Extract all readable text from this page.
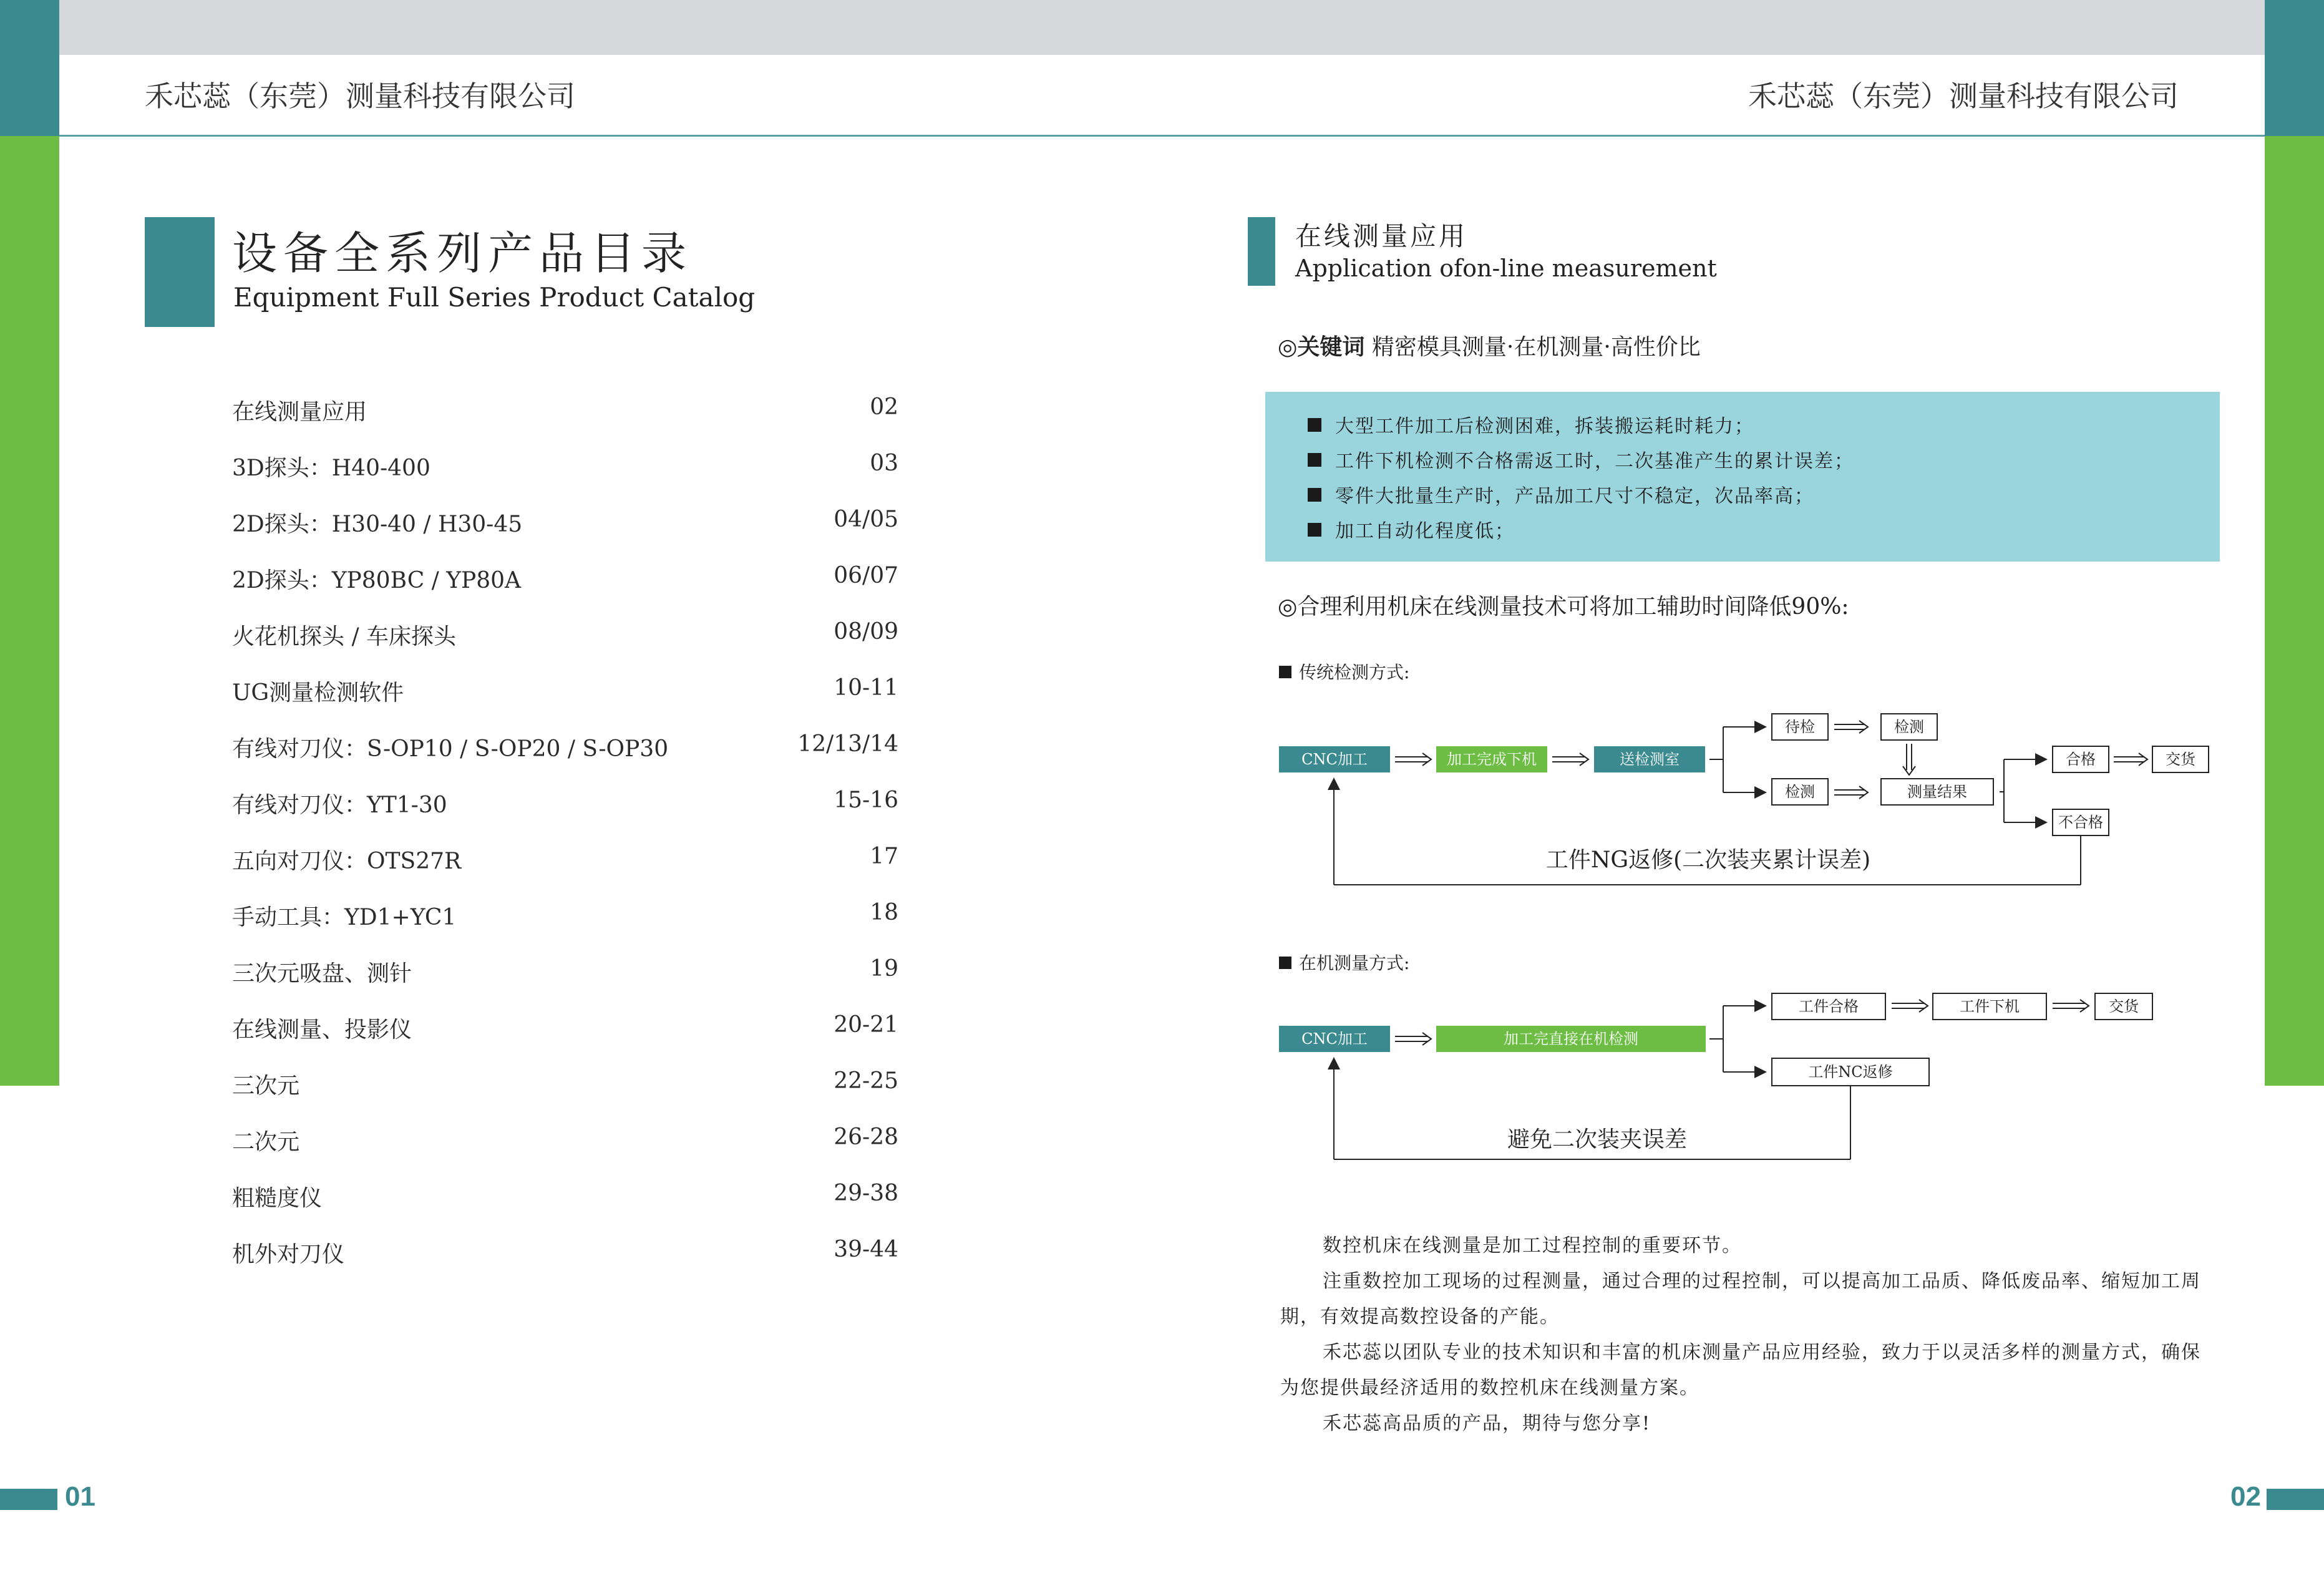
禾芯蕊（东莞）测量科技有限公司	禾芯蕊（东莞）测量科技有限公司
设备全系列产品目录
Equipment Full Series Product Catalog
在线测量应用	02
3D探头：H40-400	03
2D探头：H30-40 / H30-45	04/05
2D探头：YP80BC / YP80A	06/07
火花机探头 / 车床探头	08/09
UG测量检测软件	10-11
有线对刀仪：S-OP10 / S-OP20 / S-OP30	12/13/14
有线对刀仪：YT1-30	15-16
五向对刀仪：OTS27R	17
手动工具：YD1+YC1	18
三次元吸盘、测针	19
在线测量、投影仪	20-21
三次元	22-25
二次元	26-28
粗糙度仪	29-38
机外对刀仪	39-44
在线测量应用
Application ofon-line measurement
◎关键词 精密模具测量·在机测量·高性价比
大型工件加工后检测困难，拆装搬运耗时耗力；
工件下机检测不合格需返工时，二次基准产生的累计误差；
零件大批量生产时，产品加工尺寸不稳定，次品率高；
加工自动化程度低；
◎合理利用机床在线测量技术可将加工辅助时间降低90%:
传统检测方式:
CNC加工	加工完成下机	送检测室
待检
检测
检测
测量结果
合格	交货
不合格
工件NG返修(二次装夹累计误差)
在机测量方式:
CNC加工	加工完直接在机检测
工件合格	工件下机	交货
工件NC返修
避免二次装夹误差

数控机床在线测量是加工过程控制的重要环节。

注重数控加工现场的过程测量，通过合理的过程控制，可以提高加工品质、降低废品率、缩短加工周期，有效提高数控设备的产能。

禾芯蕊以团队专业的技术知识和丰富的机床测量产品应用经验，致力于以灵活多样的测量方式，确保为您提供最经济适用的数控机床在线测量方案。

禾芯蕊高品质的产品，期待与您分享!

01	02
